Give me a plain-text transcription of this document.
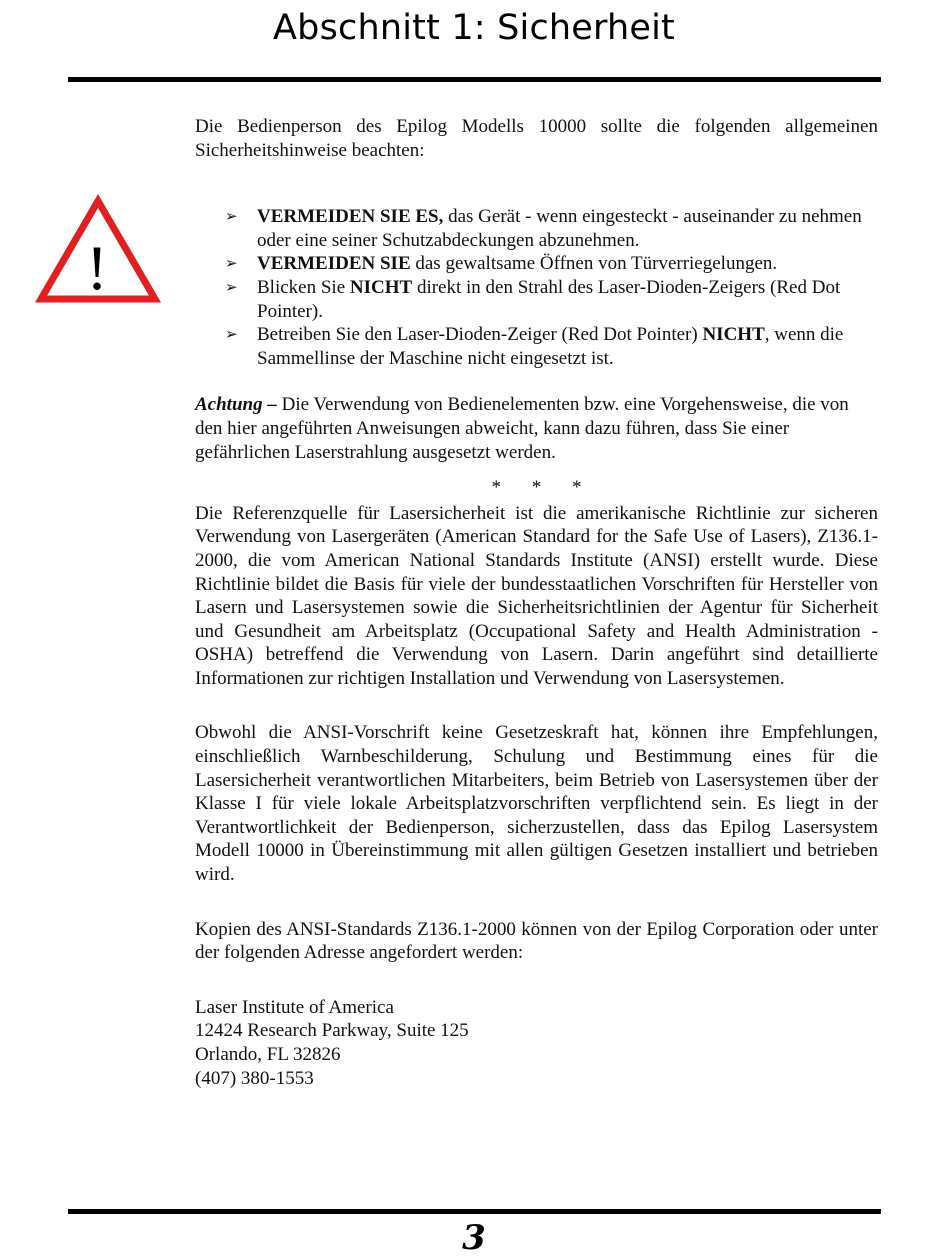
Abschnitt 1: Sicherheit
!

Die Bedienperson des Epilog Modells 10000 sollte die folgenden allgemeinen Sicherheitshinweise beachten:

➢ VERMEIDEN SIE ES, das Gerät - wenn eingesteckt - auseinander zu nehmen oder eine seiner Schutzabdeckungen abzunehmen.
➢ VERMEIDEN SIE das gewaltsame Öffnen von Türverriegelungen.
➢ Blicken Sie NICHT direkt in den Strahl des Laser-Dioden-Zeigers (Red Dot Pointer).
➢ Betreiben Sie den Laser-Dioden-Zeiger (Red Dot Pointer) NICHT, wenn die Sammellinse der Maschine nicht eingesetzt ist.

Achtung – Die Verwendung von Bedienelementen bzw. eine Vorgehensweise, die von den hier angeführten Anweisungen abweicht, kann dazu führen, dass Sie einer gefährlichen Laserstrahlung ausgesetzt werden.

* * *

Die Referenzquelle für Lasersicherheit ist die amerikanische Richtlinie zur sicheren Verwendung von Lasergeräten (American Standard for the Safe Use of Lasers), Z136.1-2000, die vom American National Standards Institute (ANSI) erstellt wurde. Diese Richtlinie bildet die Basis für viele der bundesstaatlichen Vorschriften für Hersteller von Lasern und Lasersystemen sowie die Sicherheitsrichtlinien der Agentur für Sicherheit und Gesundheit am Arbeitsplatz (Occupational Safety and Health Administration - OSHA) betreffend die Verwendung von Lasern. Darin angeführt sind detaillierte Informationen zur richtigen Installation und Verwendung von Lasersystemen.

Obwohl die ANSI-Vorschrift keine Gesetzeskraft hat, können ihre Empfehlungen, einschließlich Warnbeschilderung, Schulung und Bestimmung eines für die Lasersicherheit verantwortlichen Mitarbeiters, beim Betrieb von Lasersystemen über der Klasse I für viele lokale Arbeitsplatzvorschriften verpflichtend sein. Es liegt in der Verantwortlichkeit der Bedienperson, sicherzustellen, dass das Epilog Lasersystem Modell 10000 in Übereinstimmung mit allen gültigen Gesetzen installiert und betrieben wird.

Kopien des ANSI-Standards Z136.1-2000 können von der Epilog Corporation oder unter der folgenden Adresse angefordert werden:

Laser Institute of America
12424 Research Parkway, Suite 125
Orlando, FL 32826
(407) 380-1553
3
